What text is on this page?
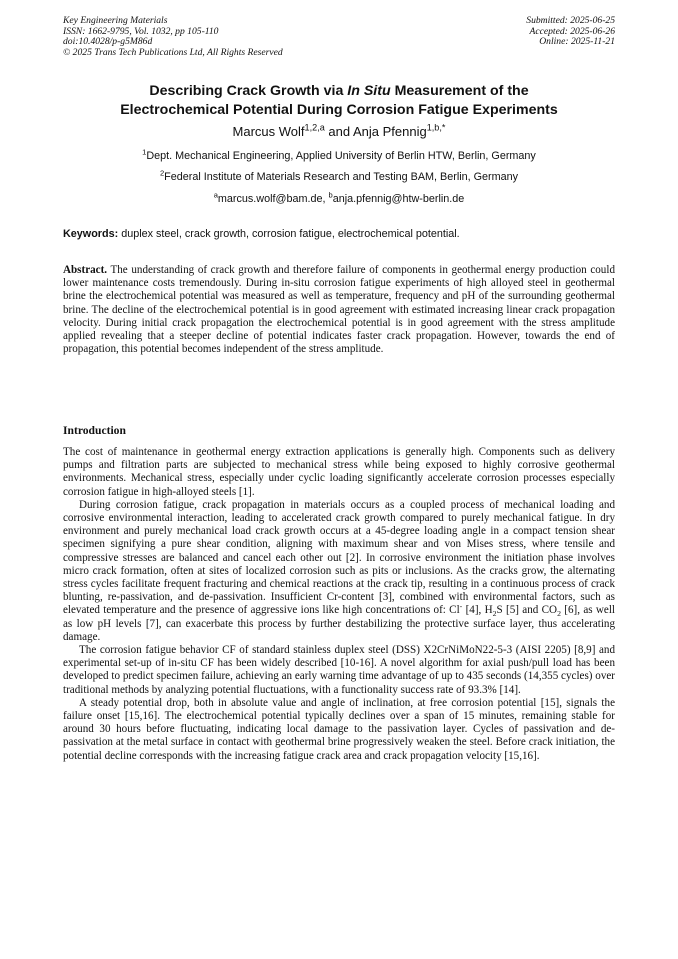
Key Engineering Materials
ISSN: 1662-9795, Vol. 1032, pp 105-110
doi:10.4028/p-g5M86d
© 2025 Trans Tech Publications Ltd, All Rights Reserved
Submitted: 2025-06-25
Accepted: 2025-06-26
Online: 2025-11-21
Describing Crack Growth via In Situ Measurement of the
Electrochemical Potential During Corrosion Fatigue Experiments
Marcus Wolf$^{1,2,a}$ and Anja Pfennig$^{1,b,*}$
$^1$Dept. Mechanical Engineering, Applied University of Berlin HTW, Berlin, Germany
$^2$Federal Institute of Materials Research and Testing BAM, Berlin, Germany
$^a$marcus.wolf@bam.de, $^b$anja.pfennig@htw-berlin.de
Keywords: duplex steel, crack growth, corrosion fatigue, electrochemical potential.
Abstract. The understanding of crack growth and therefore failure of components in geothermal energy production could lower maintenance costs tremendously. During in-situ corrosion fatigue experiments of high alloyed steel in geothermal brine the electrochemical potential was measured as well as temperature, frequency and pH of the surrounding geothermal brine. The decline of the electrochemical potential is in good agreement with estimated increasing linear crack propagation velocity. During initial crack propagation the electrochemical potential is in good agreement with the stress amplitude applied revealing that a steeper decline of potential indicates faster crack propagation. However, towards the end of propagation, this potential becomes independent of the stress amplitude.
Introduction

The cost of maintenance in geothermal energy extraction applications is generally high. Components such as delivery pumps and filtration parts are subjected to mechanical stress while being exposed to highly corrosive geothermal environments. Mechanical stress, especially under cyclic loading significantly accelerate corrosion processes especially corrosion fatigue in high-alloyed steels [1].

During corrosion fatigue, crack propagation in materials occurs as a coupled process of mechanical loading and corrosive environmental interaction, leading to accelerated crack growth compared to purely mechanical fatigue. In dry environment and purely mechanical load crack growth occurs at a 45-degree loading angle in a compact tension shear specimen signifying a pure shear condition, aligning with maximum shear and von Mises stress, where tensile and compressive stresses are balanced and cancel each other out [2]. In corrosive environment the initiation phase involves micro crack formation, often at sites of localized corrosion such as pits or inclusions. As the cracks grow, the alternating stress cycles facilitate frequent fracturing and chemical reactions at the crack tip, resulting in a continuous process of crack blunting, re-passivation, and de-passivation. Insufficient Cr-content [3], combined with environmental factors, such as elevated temperature and the presence of aggressive ions like high concentrations of: Cl- [4], $H_2S$ [5] and $CO_2$ [6], as well as low pH levels [7], can exacerbate this process by further destabilizing the protective surface layer, thus accelerating damage.

The corrosion fatigue behavior CF of standard stainless duplex steel (DSS) X2CrNiMoN22-5-3 (AISI 2205) [8,9] and experimental set-up of in-situ CF has been widely described [10-16]. A novel algorithm for axial push/pull load has been developed to predict specimen failure, achieving an early warning time advantage of up to 435 seconds (14,355 cycles) over traditional methods by analyzing potential fluctuations, with a functionality success rate of 93.3% [14].

A steady potential drop, both in absolute value and angle of inclination, at free corrosion potential [15], signals the failure onset [15,16]. The electrochemical potential typically declines over a span of 15 minutes, remaining stable for around 30 hours before fluctuating, indicating local damage to the passivation layer. Cycles of passivation and de-passivation at the metal surface in contact with geothermal brine progressively weaken the steel. Before crack initiation, the potential decline corresponds with the increasing fatigue crack area and crack propagation velocity [15,16].
